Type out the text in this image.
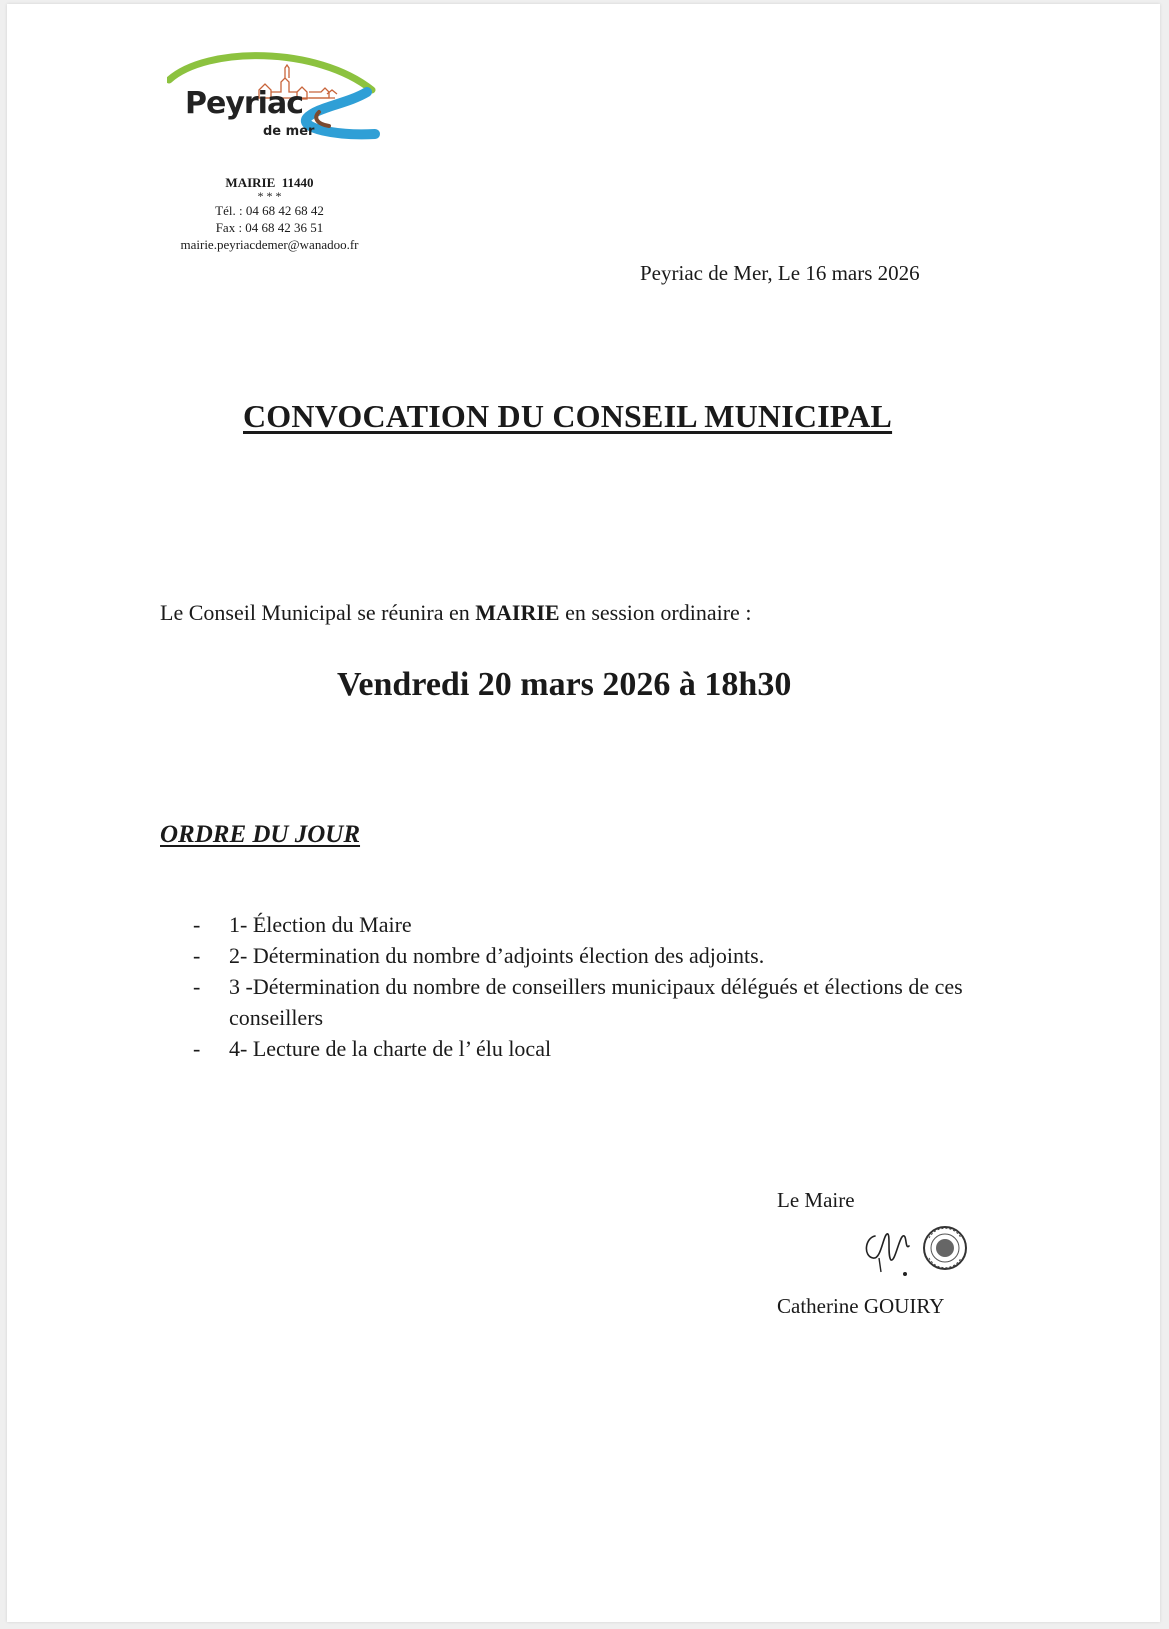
Peyriac
de mer
MAIRIE 11440
* * *
Tél. : 04 68 42 68 42
Fax : 04 68 42 36 51
mairie.peyriacdemer@wanadoo.fr
Peyriac de Mer, Le 16 mars 2026
CONVOCATION DU CONSEIL MUNICIPAL
Le Conseil Municipal se réunira en MAIRIE en session ordinaire :
Vendredi 20 mars 2026 à 18h30
ORDRE DU JOUR
- 1- Élection du Maire
- 2- Détermination du nombre d’adjoints élection des adjoints.
- 3 -Détermination du nombre de conseillers municipaux délégués et élections de ces conseillers
- 4- Lecture de la charte de l’ élu local
Le Maire
Catherine GOUIRY
